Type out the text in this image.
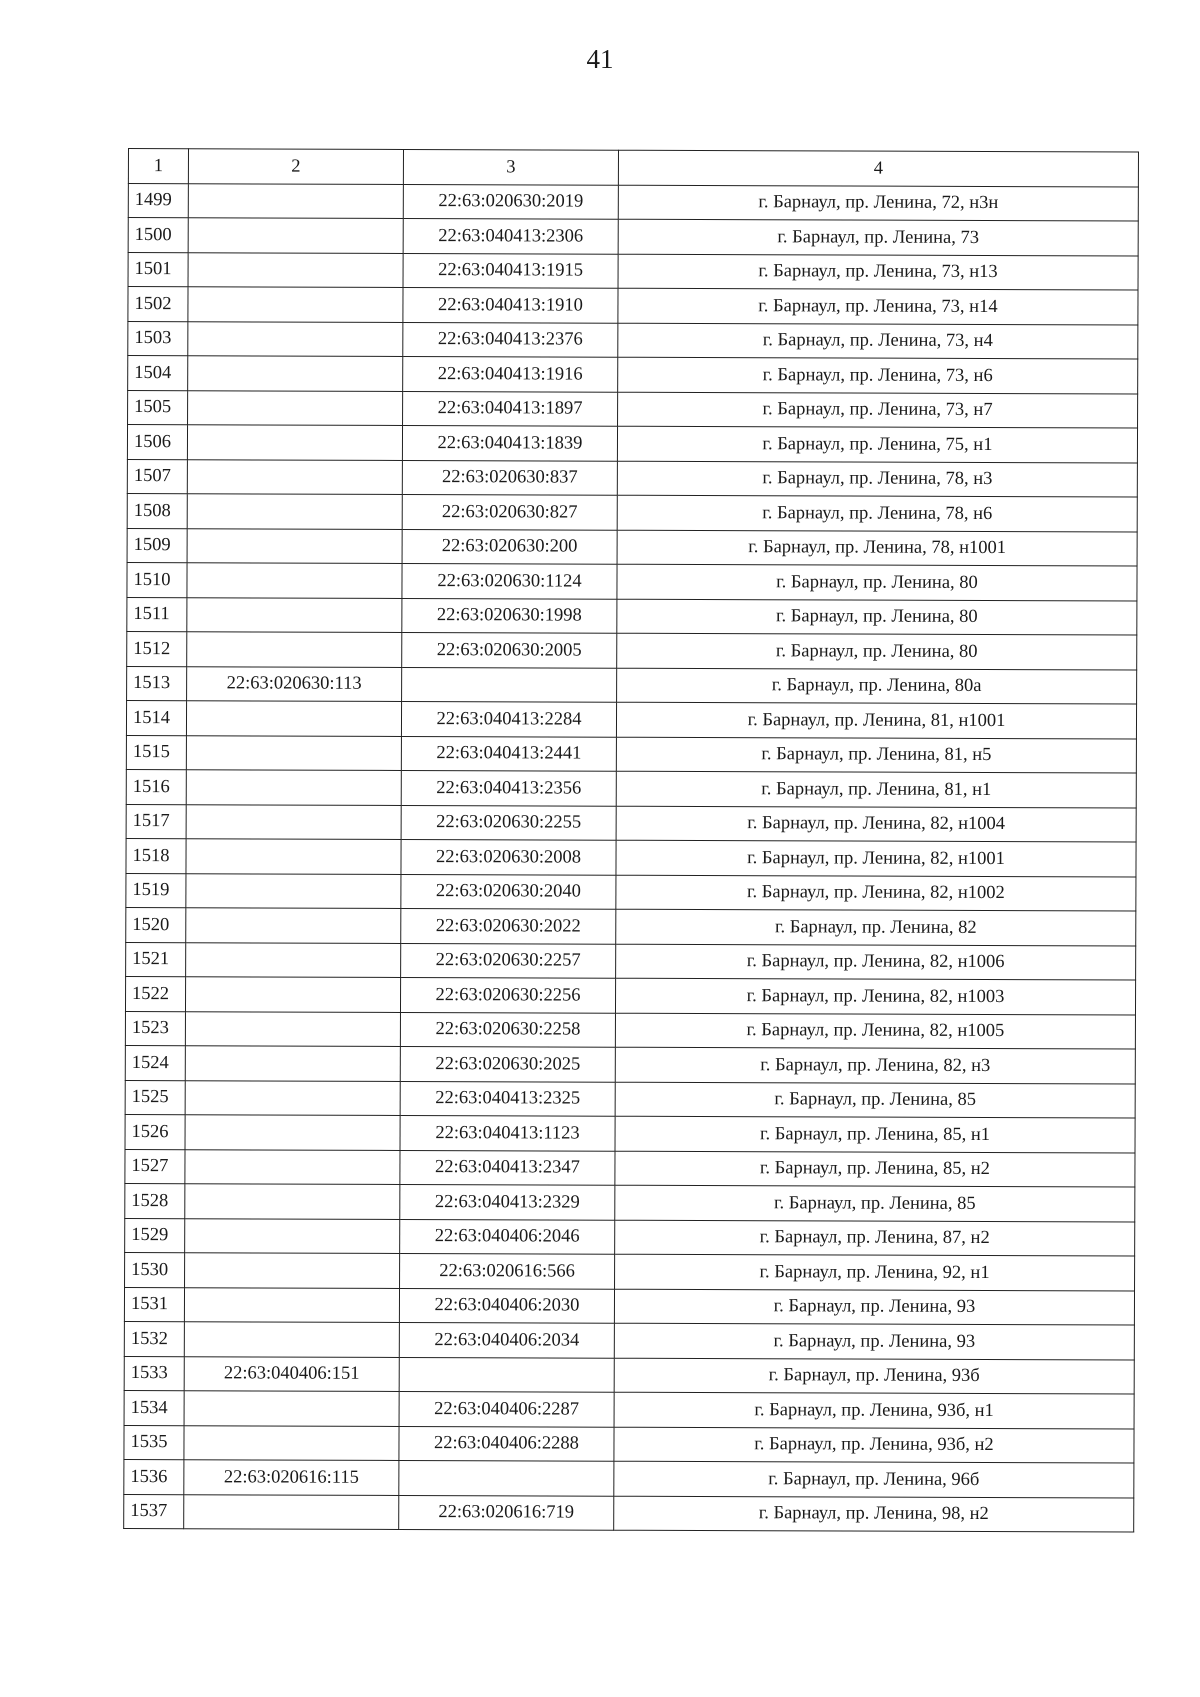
41
1	2	3	4
1499		22:63:020630:2019	г. Барнаул, пр. Ленина, 72, н3н
1500		22:63:040413:2306	г. Барнаул, пр. Ленина, 73
1501		22:63:040413:1915	г. Барнаул, пр. Ленина, 73, н13
1502		22:63:040413:1910	г. Барнаул, пр. Ленина, 73, н14
1503		22:63:040413:2376	г. Барнаул, пр. Ленина, 73, н4
1504		22:63:040413:1916	г. Барнаул, пр. Ленина, 73, н6
1505		22:63:040413:1897	г. Барнаул, пр. Ленина, 73, н7
1506		22:63:040413:1839	г. Барнаул, пр. Ленина, 75, н1
1507		22:63:020630:837	г. Барнаул, пр. Ленина, 78, н3
1508		22:63:020630:827	г. Барнаул, пр. Ленина, 78, н6
1509		22:63:020630:200	г. Барнаул, пр. Ленина, 78, н1001
1510		22:63:020630:1124	г. Барнаул, пр. Ленина, 80
1511		22:63:020630:1998	г. Барнаул, пр. Ленина, 80
1512		22:63:020630:2005	г. Барнаул, пр. Ленина, 80
1513	22:63:020630:113		г. Барнаул, пр. Ленина, 80а
1514		22:63:040413:2284	г. Барнаул, пр. Ленина, 81, н1001
1515		22:63:040413:2441	г. Барнаул, пр. Ленина, 81, н5
1516		22:63:040413:2356	г. Барнаул, пр. Ленина, 81, н1
1517		22:63:020630:2255	г. Барнаул, пр. Ленина, 82, н1004
1518		22:63:020630:2008	г. Барнаул, пр. Ленина, 82, н1001
1519		22:63:020630:2040	г. Барнаул, пр. Ленина, 82, н1002
1520		22:63:020630:2022	г. Барнаул, пр. Ленина, 82
1521		22:63:020630:2257	г. Барнаул, пр. Ленина, 82, н1006
1522		22:63:020630:2256	г. Барнаул, пр. Ленина, 82, н1003
1523		22:63:020630:2258	г. Барнаул, пр. Ленина, 82, н1005
1524		22:63:020630:2025	г. Барнаул, пр. Ленина, 82, н3
1525		22:63:040413:2325	г. Барнаул, пр. Ленина, 85
1526		22:63:040413:1123	г. Барнаул, пр. Ленина, 85, н1
1527		22:63:040413:2347	г. Барнаул, пр. Ленина, 85, н2
1528		22:63:040413:2329	г. Барнаул, пр. Ленина, 85
1529		22:63:040406:2046	г. Барнаул, пр. Ленина, 87, н2
1530		22:63:020616:566	г. Барнаул, пр. Ленина, 92, н1
1531		22:63:040406:2030	г. Барнаул, пр. Ленина, 93
1532		22:63:040406:2034	г. Барнаул, пр. Ленина, 93
1533	22:63:040406:151		г. Барнаул, пр. Ленина, 93б
1534		22:63:040406:2287	г. Барнаул, пр. Ленина, 93б, н1
1535		22:63:040406:2288	г. Барнаул, пр. Ленина, 93б, н2
1536	22:63:020616:115		г. Барнаул, пр. Ленина, 96б
1537		22:63:020616:719	г. Барнаул, пр. Ленина, 98, н2
